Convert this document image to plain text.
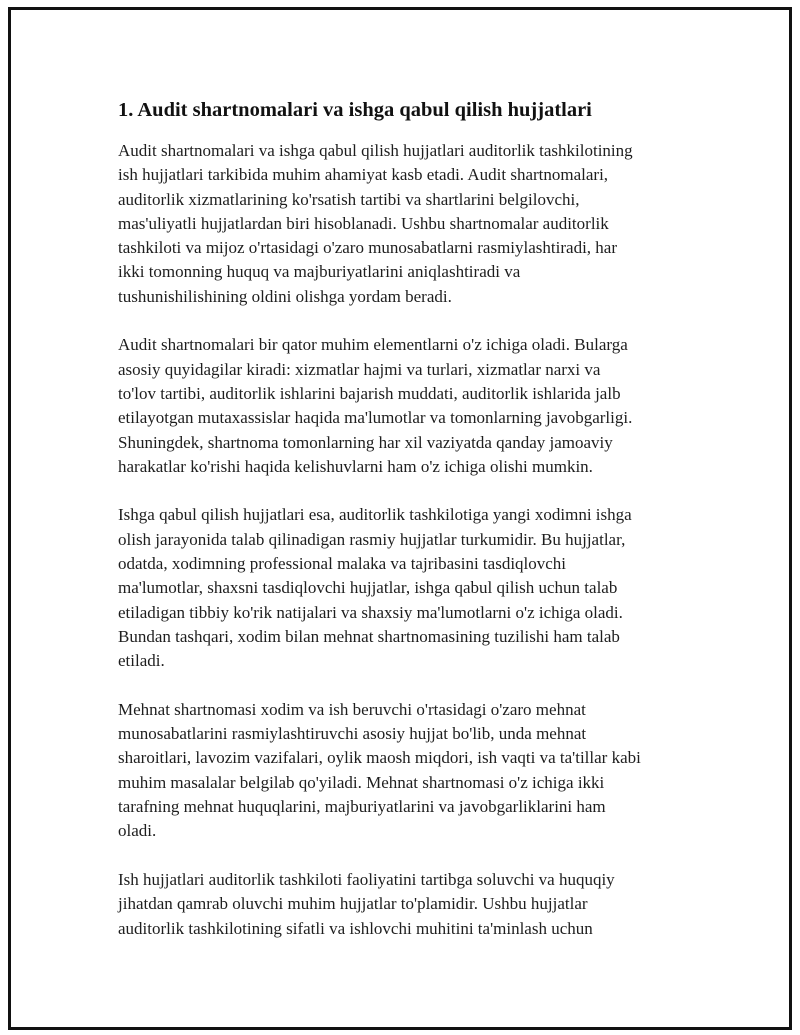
1. Audit shartnomalari va ishga qabul qilish hujjatlari

Audit shartnomalari va ishga qabul qilish hujjatlari auditorlik tashkilotining
ish hujjatlari tarkibida muhim ahamiyat kasb etadi. Audit shartnomalari,
auditorlik xizmatlarining ko'rsatish tartibi va shartlarini belgilovchi,
mas'uliyatli hujjatlardan biri hisoblanadi. Ushbu shartnomalar auditorlik
tashkiloti va mijoz o'rtasidagi o'zaro munosabatlarni rasmiylashtiradi, har
ikki tomonning huquq va majburiyatlarini aniqlashtiradi va
tushunishilishining oldini olishga yordam beradi.

Audit shartnomalari bir qator muhim elementlarni o'z ichiga oladi. Bularga
asosiy quyidagilar kiradi: xizmatlar hajmi va turlari, xizmatlar narxi va
to'lov tartibi, auditorlik ishlarini bajarish muddati, auditorlik ishlarida jalb
etilayotgan mutaxassislar haqida ma'lumotlar va tomonlarning javobgarligi.
Shuningdek, shartnoma tomonlarning har xil vaziyatda qanday jamoaviy
harakatlar ko'rishi haqida kelishuvlarni ham o'z ichiga olishi mumkin.

Ishga qabul qilish hujjatlari esa, auditorlik tashkilotiga yangi xodimni ishga
olish jarayonida talab qilinadigan rasmiy hujjatlar turkumidir. Bu hujjatlar,
odatda, xodimning professional malaka va tajribasini tasdiqlovchi
ma'lumotlar, shaxsni tasdiqlovchi hujjatlar, ishga qabul qilish uchun talab
etiladigan tibbiy ko'rik natijalari va shaxsiy ma'lumotlarni o'z ichiga oladi.
Bundan tashqari, xodim bilan mehnat shartnomasining tuzilishi ham talab
etiladi.

Mehnat shartnomasi xodim va ish beruvchi o'rtasidagi o'zaro mehnat
munosabatlarini rasmiylashtiruvchi asosiy hujjat bo'lib, unda mehnat
sharoitlari, lavozim vazifalari, oylik maosh miqdori, ish vaqti va ta'tillar kabi
muhim masalalar belgilab qo'yiladi. Mehnat shartnomasi o'z ichiga ikki
tarafning mehnat huquqlarini, majburiyatlarini va javobgarliklarini ham
oladi.

Ish hujjatlari auditorlik tashkiloti faoliyatini tartibga soluvchi va huquqiy
jihatdan qamrab oluvchi muhim hujjatlar to'plamidir. Ushbu hujjatlar
auditorlik tashkilotining sifatli va ishlovchi muhitini ta'minlash uchun
